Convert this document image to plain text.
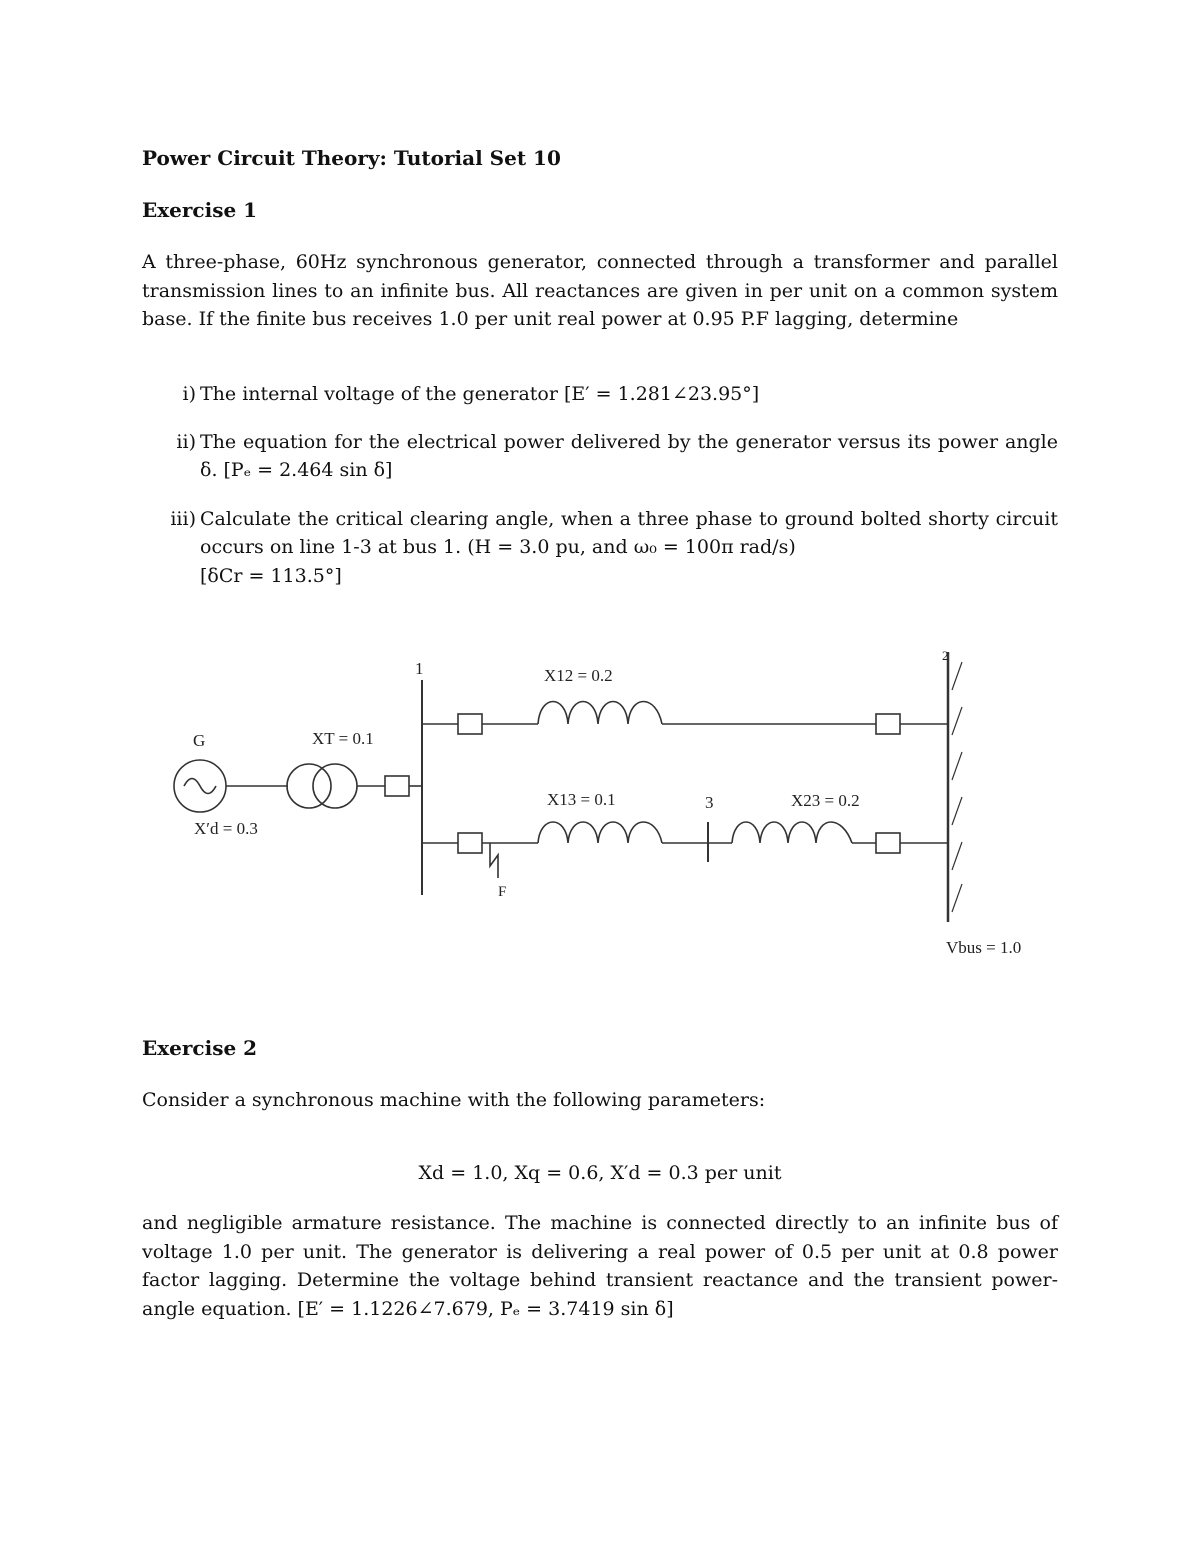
Power Circuit Theory: Tutorial Set 10
Exercise 1
A three-phase, 60Hz synchronous generator, connected through a transformer and parallel transmission lines to an infinite bus. All reactances are given in per unit on a common system base. If the finite bus receives 1.0 per unit real power at 0.95 P.F lagging, determine
i) The internal voltage of the generator [E′ = 1.281∠23.95°]
ii) The equation for the electrical power delivered by the generator versus its power angle δ. [Pₑ = 2.464 sin δ]
iii) Calculate the critical clearing angle, when a three phase to ground bolted shorty circuit occurs on line 1-3 at bus 1. (H = 3.0 pu, and ω₀ = 100π rad/s)
[δCr = 113.5°]
G
X′d = 0.3
XT = 0.1
1
2
3
X12 = 0.2
X13 = 0.1	X23 = 0.2
F
Vbus = 1.0
Exercise 2
Consider a synchronous machine with the following parameters:
Xd = 1.0, Xq = 0.6, X′d = 0.3 per unit
and negligible armature resistance. The machine is connected directly to an infinite bus of voltage 1.0 per unit. The generator is delivering a real power of 0.5 per unit at 0.8 power factor lagging. Determine the voltage behind transient reactance and the transient power-angle equation. [E′ = 1.1226∠7.679, Pₑ = 3.7419 sin δ]
